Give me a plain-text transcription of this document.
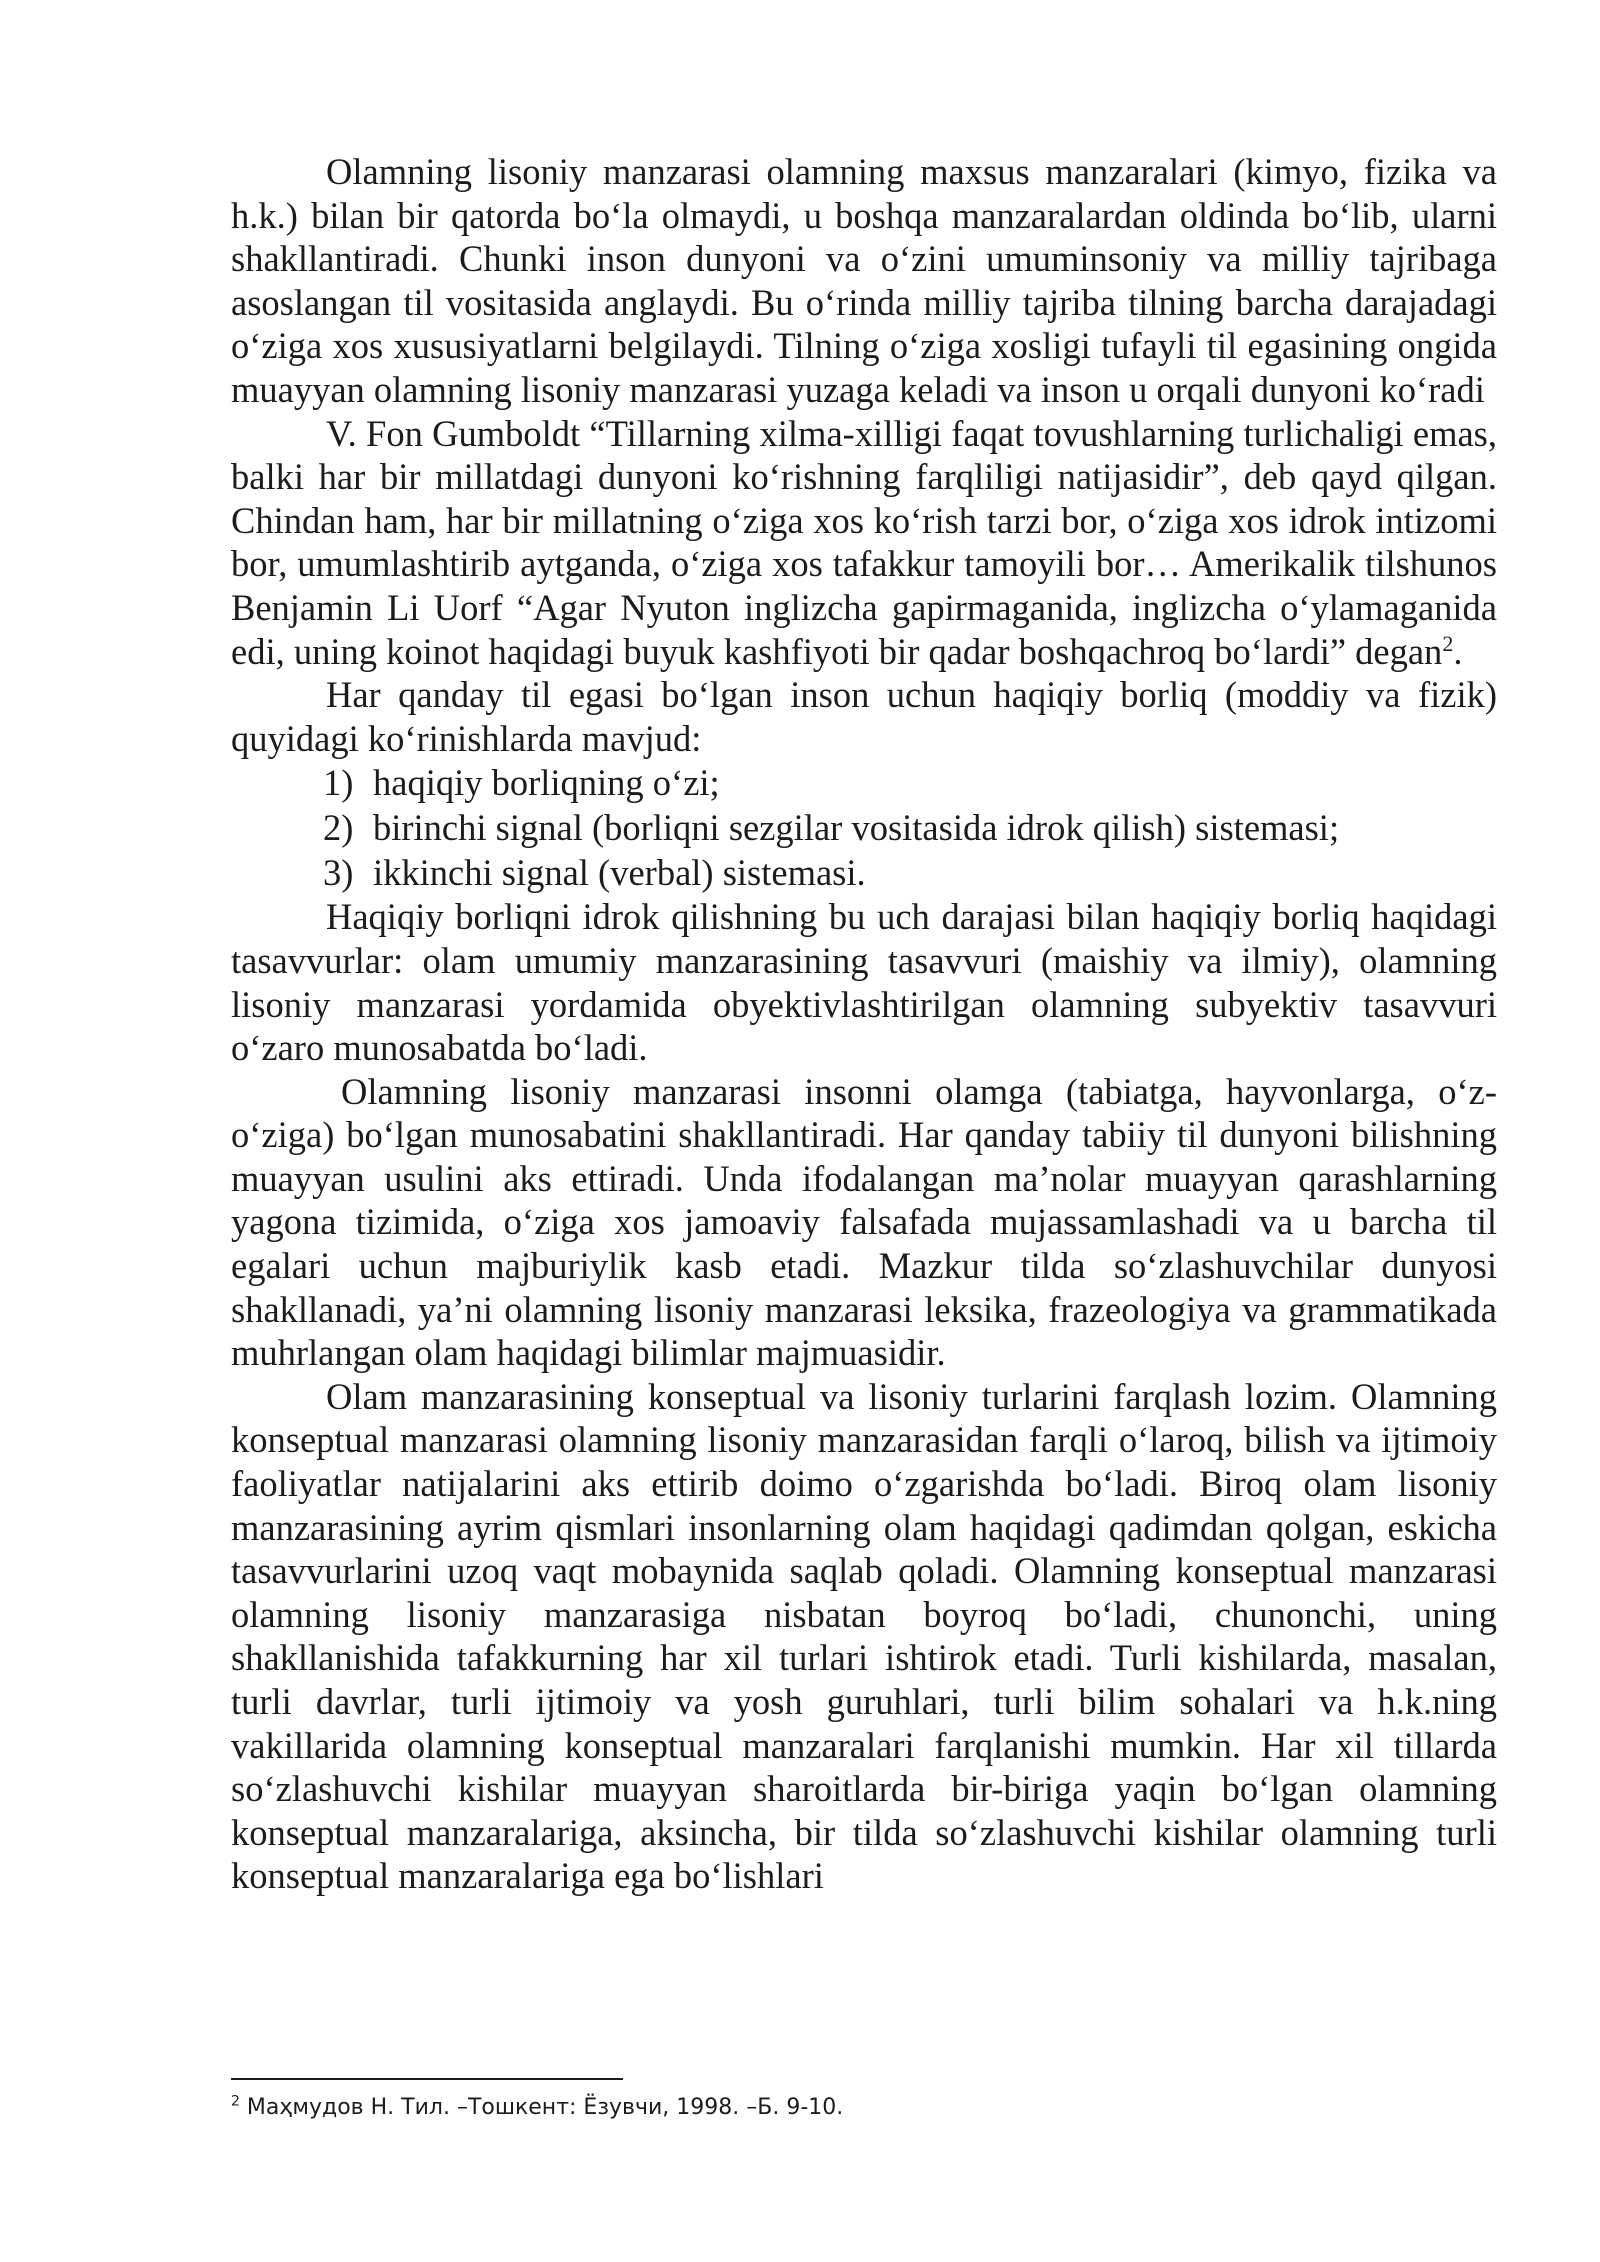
Olamning lisoniy manzarasi olamning maxsus manzaralari (kimyo, fizika va h.k.) bilan bir qatorda boʻla olmaydi, u boshqa manzaralardan oldinda boʻlib, ularni shakllantiradi. Chunki inson dunyoni va oʻzini umuminsoniy va milliy tajribaga asoslangan til vositasida anglaydi. Bu oʻrinda milliy tajriba tilning barcha darajadagi oʻziga xos xususiyatlarni belgilaydi. Tilning oʻziga xosligi tufayli til egasining ongida muayyan olamning lisoniy manzarasi yuzaga keladi va inson u orqali dunyoni koʻradi

V. Fon Gumboldt “Tillarning xilma-xilligi faqat tovushlarning turlichaligi emas, balki har bir millatdagi dunyoni koʻrishning farqliligi natijasidir”, deb qayd qilgan. Chindan ham, har bir millatning oʻziga xos koʻrish tarzi bor, oʻziga xos idrok intizomi bor, umumlashtirib aytganda, oʻziga xos tafakkur tamoyili bor… Amerikalik tilshunos Benjamin Li Uorf “Agar Nyuton inglizcha gapirmaganida, inglizcha oʻylamaganida edi, uning koinot haqidagi buyuk kashfiyoti bir qadar boshqachroq boʻlardi” degan$^2$.

Har qanday til egasi boʻlgan inson uchun haqiqiy borliq (moddiy va fizik) quyidagi koʻrinishlarda mavjud:

1) haqiqiy borliqning oʻzi;
2) birinchi signal (borliqni sezgilar vositasida idrok qilish) sistemasi;
3) ikkinchi signal (verbal) sistemasi.

Haqiqiy borliqni idrok qilishning bu uch darajasi bilan haqiqiy borliq haqidagi tasavvurlar: olam umumiy manzarasining tasavvuri (maishiy va ilmiy), olamning lisoniy manzarasi yordamida obyektivlashtirilgan olamning subyektiv tasavvuri oʻzaro munosabatda boʻladi.

Olamning lisoniy manzarasi insonni olamga (tabiatga, hayvonlarga, oʻz-oʻziga) boʻlgan munosabatini shakllantiradi. Har qanday tabiiy til dunyoni bilishning muayyan usulini aks ettiradi. Unda ifodalangan maʼnolar muayyan qarashlarning yagona tizimida, oʻziga xos jamoaviy falsafada mujassamlashadi va u barcha til egalari uchun majburiylik kasb etadi. Mazkur tilda soʻzlashuvchilar dunyosi shakllanadi, yaʼni olamning lisoniy manzarasi leksika, frazeologiya va grammatikada muhrlangan olam haqidagi bilimlar majmuasidir.

Olam manzarasining konseptual va lisoniy turlarini farqlash lozim. Olamning konseptual manzarasi olamning lisoniy manzarasidan farqli oʻlaroq, bilish va ijtimoiy faoliyatlar natijalarini aks ettirib doimo oʻzgarishda boʻladi. Biroq olam lisoniy manzarasining ayrim qismlari insonlarning olam haqidagi qadimdan qolgan, eskicha tasavvurlarini uzoq vaqt mobaynida saqlab qoladi. Olamning konseptual manzarasi olamning lisoniy manzarasiga nisbatan boyroq boʻladi, chunonchi, uning shakllanishida tafakkurning har xil turlari ishtirok etadi. Turli kishilarda, masalan, turli davrlar, turli ijtimoiy va yosh guruhlari, turli bilim sohalari va h.k.ning vakillarida olamning konseptual manzaralari farqlanishi mumkin. Har xil tillarda soʻzlashuvchi kishilar muayyan sharoitlarda bir-biriga yaqin boʻlgan olamning konseptual manzaralariga, aksincha, bir tilda soʻzlashuvchi kishilar olamning turli konseptual manzaralariga ega boʻlishlari

$^2$ Маҳмудов Н. Тил. –Тошкент: Ёзувчи, 1998. –Б. 9-10.
